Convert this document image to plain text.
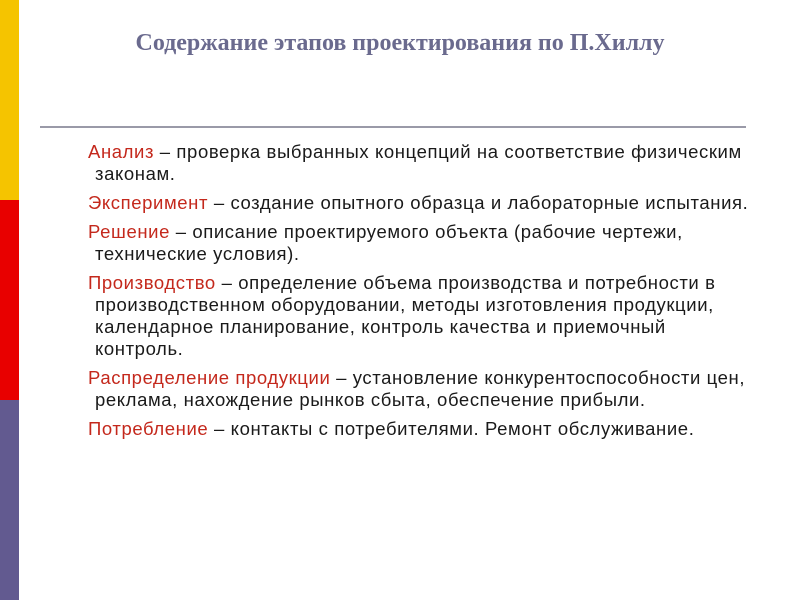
Содержание этапов проектирования по П.Хиллу

Анализ – проверка выбранных концепций на соответствие физическим законам.

Эксперимент – создание опытного образца и лабораторные испытания.

Решение – описание проектируемого объекта (рабочие чертежи, технические условия).

Производство – определение объема производства и потребности в производственном оборудовании, методы изготовления продукции, календарное планирование, контроль качества и приемочный контроль.

Распределение продукции – установление конкурентоспособности цен, реклама, нахождение рынков сбыта, обеспечение прибыли.

Потребление – контакты с потребителями. Ремонт обслуживание.
